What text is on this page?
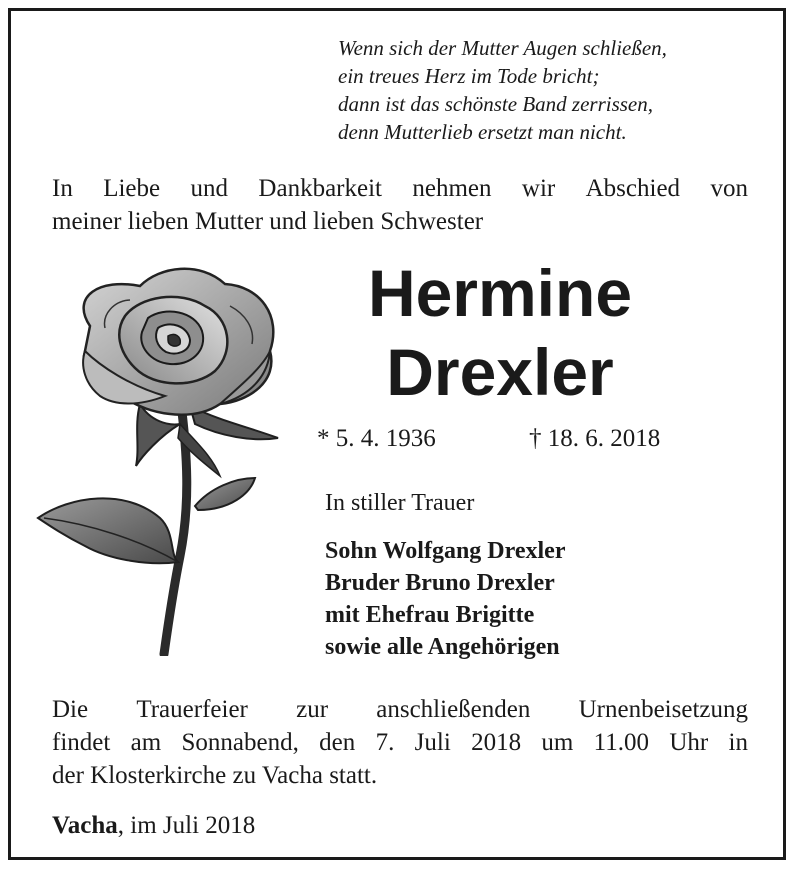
Wenn sich der Mutter Augen schließen,
ein treues Herz im Tode bricht;
dann ist das schönste Band zerrissen,
denn Mutterlieb ersetzt man nicht.
In Liebe und Dankbarkeit nehmen wir Abschied von
meiner lieben Mutter und lieben Schwester
Hermine
Drexler
* 5. 4. 1936	† 18. 6. 2018
In stiller Trauer
Sohn Wolfgang Drexler
Bruder Bruno Drexler
mit Ehefrau Brigitte
sowie alle Angehörigen
Die Trauerfeier zur anschließenden Urnenbeisetzung
findet am Sonnabend, den 7. Juli 2018 um 11.00 Uhr in
der Klosterkirche zu Vacha statt.
Vacha, im Juli 2018
